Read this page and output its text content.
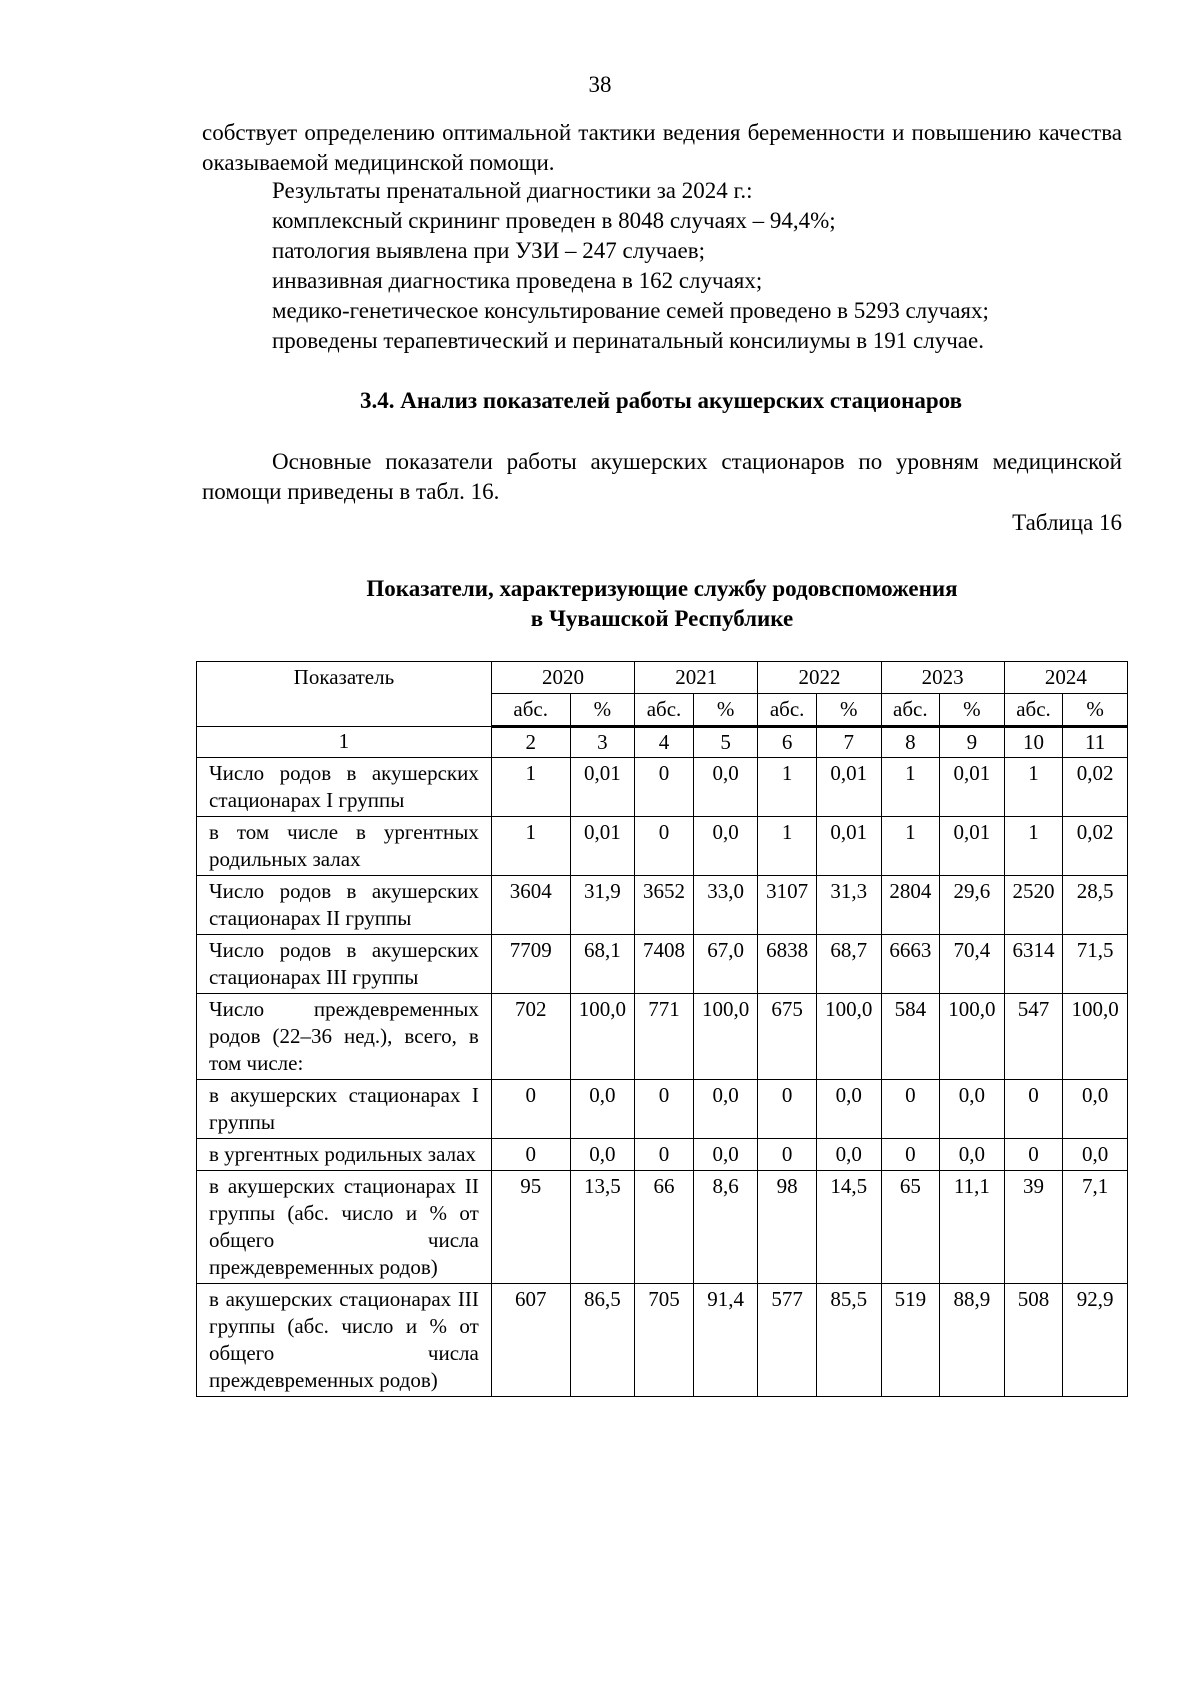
38
собствует определению оптимальной тактики ведения беременности и повышению качества оказываемой медицинской помощи.
Результаты пренатальной диагностики за 2024 г.:
комплексный скрининг проведен в 8048 случаях – 94,4%;
патология выявлена при УЗИ – 247 случаев;
инвазивная диагностика проведена в 162 случаях;
медико-генетическое консультирование семей проведено в 5293 случаях;
проведены терапевтический и перинатальный консилиумы в 191 случае.
3.4. Анализ показателей работы акушерских стационаров
Основные показатели работы акушерских стационаров по уровням медицинской помощи приведены в табл. 16.
Таблица 16
Показатели, характеризующие службу родовспоможения
в Чувашской Республике
Показатель	2020		2021		2022		2023		2024	
	абс.	%	абс.	%	абс.	%	абс.	%	абс.	%
1	2	3	4	5	6	7	8	9	10	11
Число родов в акушерских стационарах I группы	1	0,01	0	0,0	1	0,01	1	0,01	1	0,02
в том числе в ургентных родильных залах	1	0,01	0	0,0	1	0,01	1	0,01	1	0,02
Число родов в акушерских стационарах II группы	3604	31,9	3652	33,0	3107	31,3	2804	29,6	2520	28,5
Число родов в акушерских стационарах III группы	7709	68,1	7408	67,0	6838	68,7	6663	70,4	6314	71,5
Число преждевременных родов (22–36 нед.), всего, в том числе:	702	100,0	771	100,0	675	100,0	584	100,0	547	100,0
в акушерских стационарах I группы	0	0,0	0	0,0	0	0,0	0	0,0	0	0,0
в ургентных родильных залах	0	0,0	0	0,0	0	0,0	0	0,0	0	0,0
в акушерских стационарах II группы (абс. число и % от общего числа преждевременных родов)	95	13,5	66	8,6	98	14,5	65	11,1	39	7,1
в акушерских стационарах III группы (абс. число и % от общего числа преждевременных родов)	607	86,5	705	91,4	577	85,5	519	88,9	508	92,9
